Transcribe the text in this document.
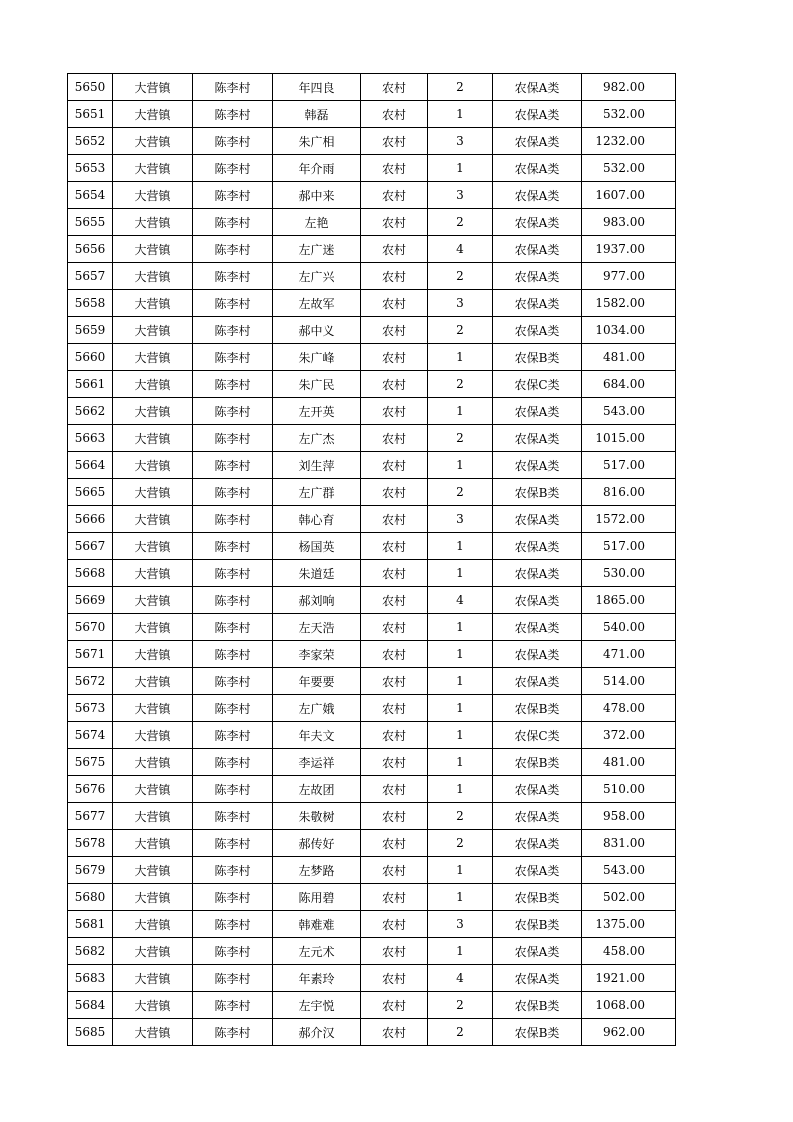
5650	大营镇	陈李村	年四良	农村	2	农保A类	982.00
5651	大营镇	陈李村	韩磊	农村	1	农保A类	532.00
5652	大营镇	陈李村	朱广相	农村	3	农保A类	1232.00
5653	大营镇	陈李村	年介雨	农村	1	农保A类	532.00
5654	大营镇	陈李村	郝中来	农村	3	农保A类	1607.00
5655	大营镇	陈李村	左艳	农村	2	农保A类	983.00
5656	大营镇	陈李村	左广迷	农村	4	农保A类	1937.00
5657	大营镇	陈李村	左广兴	农村	2	农保A类	977.00
5658	大营镇	陈李村	左故军	农村	3	农保A类	1582.00
5659	大营镇	陈李村	郝中义	农村	2	农保A类	1034.00
5660	大营镇	陈李村	朱广峰	农村	1	农保B类	481.00
5661	大营镇	陈李村	朱广民	农村	2	农保C类	684.00
5662	大营镇	陈李村	左开英	农村	1	农保A类	543.00
5663	大营镇	陈李村	左广杰	农村	2	农保A类	1015.00
5664	大营镇	陈李村	刘生萍	农村	1	农保A类	517.00
5665	大营镇	陈李村	左广群	农村	2	农保B类	816.00
5666	大营镇	陈李村	韩心育	农村	3	农保A类	1572.00
5667	大营镇	陈李村	杨国英	农村	1	农保A类	517.00
5668	大营镇	陈李村	朱道廷	农村	1	农保A类	530.00
5669	大营镇	陈李村	郝刘响	农村	4	农保A类	1865.00
5670	大营镇	陈李村	左天浩	农村	1	农保A类	540.00
5671	大营镇	陈李村	李家荣	农村	1	农保A类	471.00
5672	大营镇	陈李村	年要要	农村	1	农保A类	514.00
5673	大营镇	陈李村	左广娥	农村	1	农保B类	478.00
5674	大营镇	陈李村	年夫文	农村	1	农保C类	372.00
5675	大营镇	陈李村	李运祥	农村	1	农保B类	481.00
5676	大营镇	陈李村	左故团	农村	1	农保A类	510.00
5677	大营镇	陈李村	朱敬树	农村	2	农保A类	958.00
5678	大营镇	陈李村	郝传好	农村	2	农保A类	831.00
5679	大营镇	陈李村	左梦路	农村	1	农保A类	543.00
5680	大营镇	陈李村	陈用碧	农村	1	农保B类	502.00
5681	大营镇	陈李村	韩难难	农村	3	农保B类	1375.00
5682	大营镇	陈李村	左元术	农村	1	农保A类	458.00
5683	大营镇	陈李村	年素玲	农村	4	农保A类	1921.00
5684	大营镇	陈李村	左宇悦	农村	2	农保B类	1068.00
5685	大营镇	陈李村	郝介汉	农村	2	农保B类	962.00
